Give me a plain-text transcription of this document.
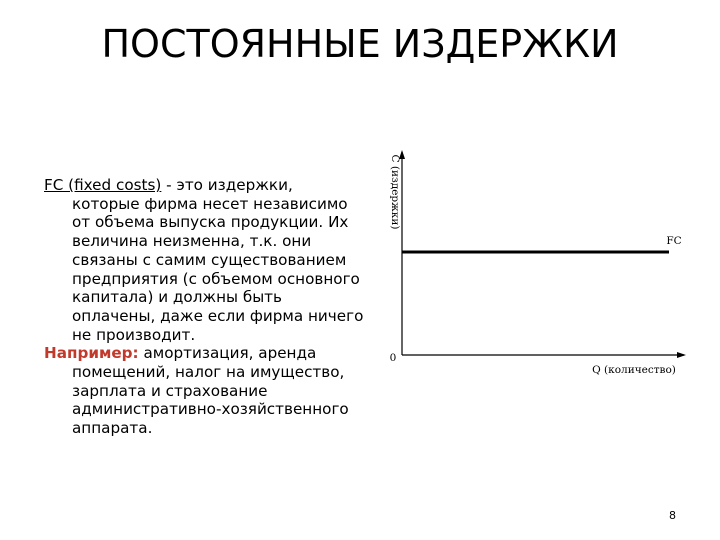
ПОСТОЯННЫЕ ИЗДЕРЖКИ
FC (fixed costs) - это издержки, которые фирма несет независимо от объема выпуска продукции. Их величина неизменна, т.к. они связаны с самим существованием предприятия (с объемом основного капитала) и должны быть оплачены, даже если фирма ничего не производит.
Например: амортизация, аренда помещений, налог на имущество, зарплата и страхование административно-хозяйственного аппарата.
C (издержки)
Q (количество)
0
FC
8
